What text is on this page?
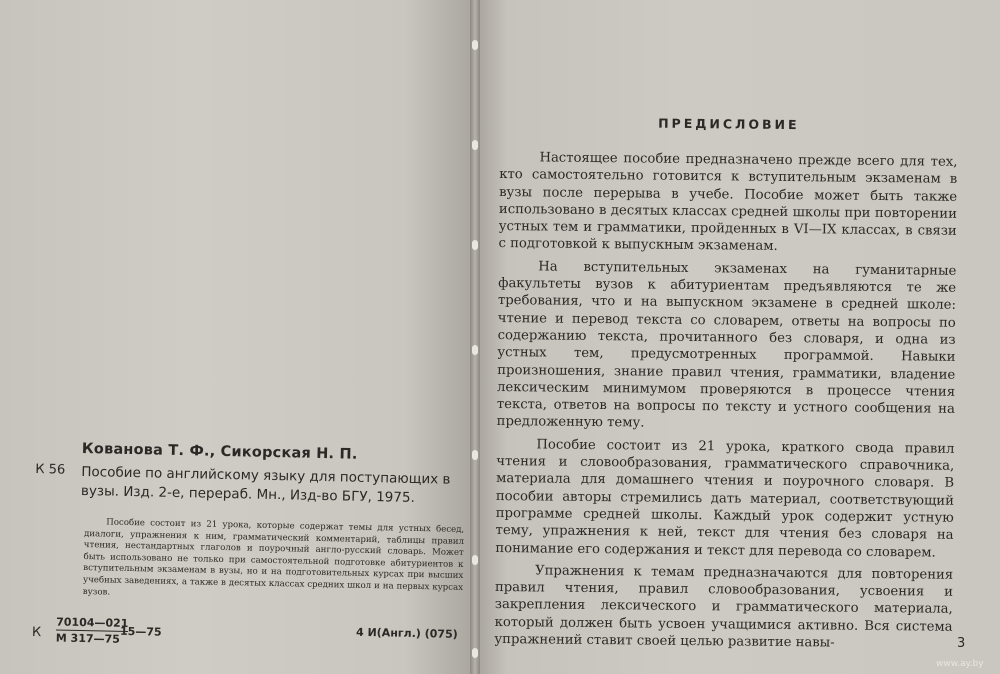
Кованова Т. Ф., Сикорская Н. П.
К 56 Пособие по английскому языку для поступающих в вузы. Изд. 2-е, перераб. Мн., Изд-во БГУ, 1975.
Пособие состоит из 21 урока, которые содержат темы для устных бесед, диалоги, упражнения к ним, грамматический комментарий, таблицы правил чтения, нестандартных глаголов и поурочный англо-русский словарь. Может быть использовано не только при самостоятельной подготовке абитуриентов к вступительным экзаменам в вузы, но и на подготовительных курсах при высших учебных заведениях, а также в десятых классах средних школ и на первых курсах вузов.
К
70104—021
М 317—75 15—75	4 И(Англ.) (075)
ПРЕДИСЛОВИЕ

Настоящее пособие предназначено прежде всего для тех, кто самостоятельно готовится к вступительным экзаменам в вузы после перерыва в учебе. Пособие может быть также использовано в десятых классах средней школы при повторении устных тем и грамматики, пройденных в VI—IX классах, в связи с подготовкой к выпускным экзаменам.

На вступительных экзаменах на гуманитарные факультеты вузов к абитуриентам предъявляются те же требования, что и на выпускном экзамене в средней школе: чтение и перевод текста со словарем, ответы на вопросы по содержанию текста, прочитанного без словаря, и одна из устных тем, предусмотренных программой. Навыки произношения, знание правил чтения, грамматики, владение лексическим минимумом проверяются в процессе чтения текста, ответов на вопросы по тексту и устного сообщения на предложенную тему.

Пособие состоит из 21 урока, краткого свода правил чтения и словообразования, грамматического справочника, материала для домашнего чтения и поурочного словаря. В пособии авторы стремились дать материал, соответствующий программе средней школы. Каждый урок содержит устную тему, упражнения к ней, текст для чтения без словаря на понимание его содержания и текст для перевода со словарем.

Упражнения к темам предназначаются для повторения правил чтения, правил словообразования, усвоения и закрепления лексического и грамматического материала, который должен быть усвоен учащимися активно. Вся система упражнений ставит своей целью развитие навы-	3
www.ay.by
